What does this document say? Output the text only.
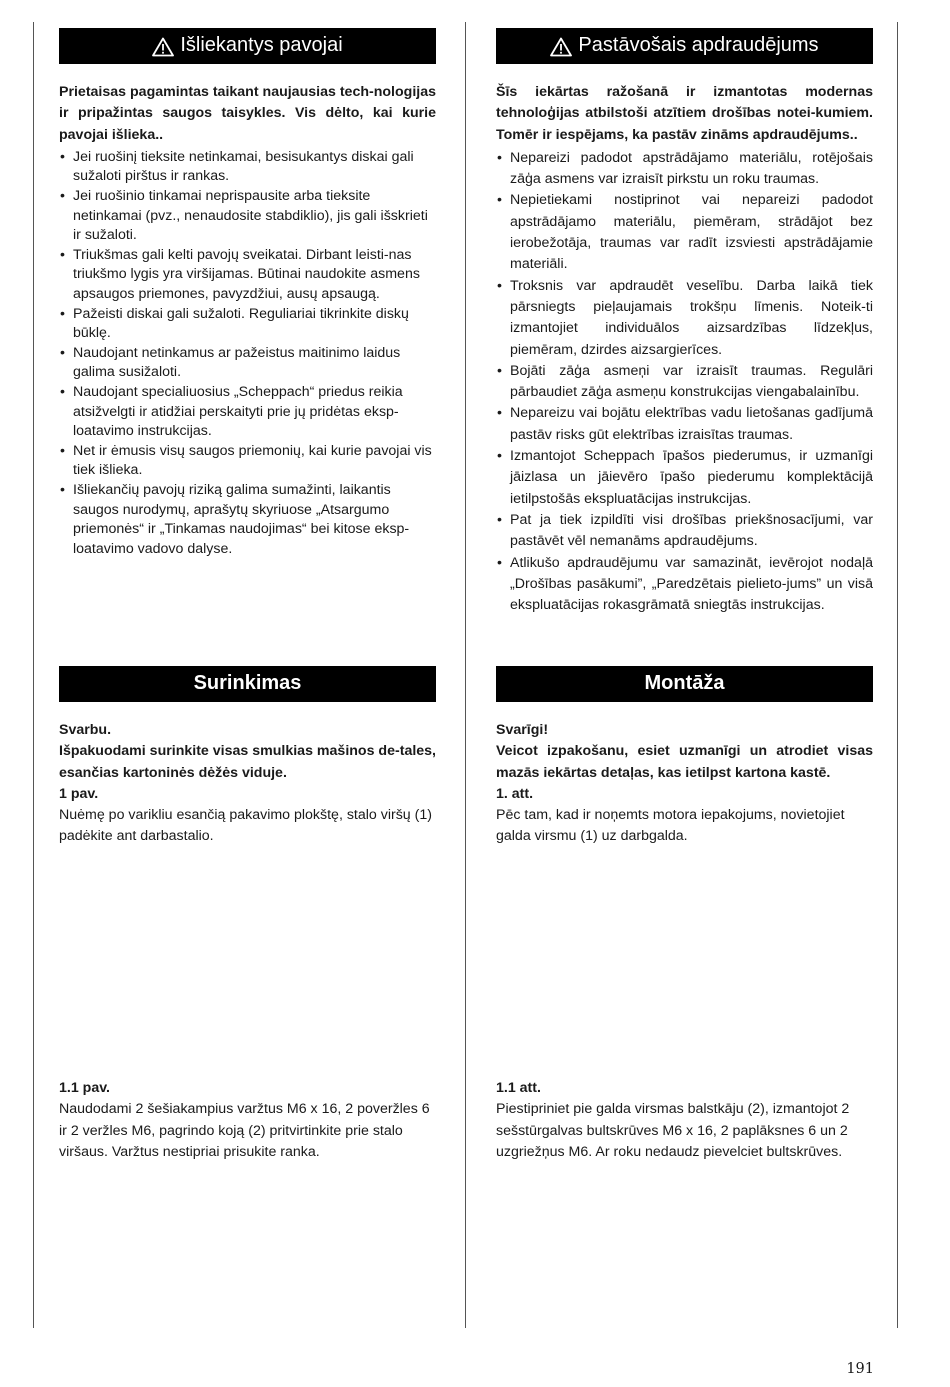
Išliekantys pavojai
Prietaisas pagamintas taikant naujausias tech-nologijas ir pripažintas saugos taisykles. Vis dėlto, kai kurie pavojai išlieka..
• Jei ruošinį tieksite netinkamai, besisukantys diskai gali sužaloti pirštus ir rankas.
• Jei ruošinio tinkamai neprispausite arba tieksite netinkamai (pvz., nenaudosite stabdiklio), jis gali išskrieti ir sužaloti.
• Triukšmas gali kelti pavojų sveikatai. Dirbant leisti-nas triukšmo lygis yra viršijamas. Būtinai naudokite asmens apsaugos priemones, pavyzdžiui, ausų apsaugą.
• Pažeisti diskai gali sužaloti. Reguliariai tikrinkite diskų būklę.
• Naudojant netinkamus ar pažeistus maitinimo laidus galima susižaloti.
• Naudojant specialiuosius „Scheppach“ priedus reikia atsižvelgti ir atidžiai perskaityti prie jų pridėtas eksp-loatavimo instrukcijas.
• Net ir ėmusis visų saugos priemonių, kai kurie pavojai vis tiek išlieka.
• Išliekančių pavojų riziką galima sumažinti, laikantis saugos nurodymų, aprašytų skyriuose „Atsargumo priemonės“ ir „Tinkamas naudojimas“ bei kitose eksp-loatavimo vadovo dalyse.
Surinkimas
Svarbu.
Išpakuodami surinkite visas smulkias mašinos de-tales, esančias kartoninės dėžės viduje.
1 pav.
Nuėmę po varikliu esančią pakavimo plokštę, stalo viršų (1) padėkite ant darbastalio.
1.1 pav.
Naudodami 2 šešiakampius varžtus M6 x 16, 2 poveržles 6 ir 2 veržles M6, pagrindo koją (2) pritvirtinkite prie stalo viršaus. Varžtus nestipriai prisukite ranka.
Pastāvošais apdraudējums
Šīs iekārtas ražošanā ir izmantotas modernas tehnoloģijas atbilstoši atzītiem drošības notei-kumiem. Tomēr ir iespējams, ka pastāv zināms apdraudējums..
• Nepareizi padodot apstrādājamo materiālu, rotējošais zāģa asmens var izraisīt pirkstu un roku traumas.
• Nepietiekami nostiprinot vai nepareizi padodot apstrādājamo materiālu, piemēram, strādājot bez ierobežotāja, traumas var radīt izsviesti apstrādājamie materiāli.
• Troksnis var apdraudēt veselību. Darba laikā tiek pārsniegts pieļaujamais trokšņu līmenis. Noteik-ti izmantojiet individuālos aizsardzības līdzekļus, piemēram, dzirdes aizsargierīces.
• Bojāti zāģa asmeņi var izraisīt traumas. Regulāri pārbaudiet zāģa asmeņu konstrukcijas viengabalainību.
• Nepareizu vai bojātu elektrības vadu lietošanas gadījumā pastāv risks gūt elektrības izraisītas traumas.
• Izmantojot Scheppach īpašos piederumus, ir uzmanīgi jāizlasa un jāievēro īpašo piederumu komplektācijā ietilpstošās ekspluatācijas instrukcijas.
• Pat ja tiek izpildīti visi drošības priekšnosacījumi, var pastāvēt vēl nemanāms apdraudējums.
• Atlikušo apdraudējumu var samazināt, ievērojot nodaļā „Drošības pasākumi”, „Paredzētais pielieto-jums” un visā ekspluatācijas rokasgrāmatā sniegtās instrukcijas.
Montāža
Svarīgi!
Veicot izpakošanu, esiet uzmanīgi un atrodiet visas mazās iekārtas detaļas, kas ietilpst kartona kastē.
1. att.
Pēc tam, kad ir noņemts motora iepakojums, novietojiet galda virsmu (1) uz darbgalda.
1.1 att.
Piestipriniet pie galda virsmas balstkāju (2), izmantojot 2 sešstūrgalvas bultskrūves M6 x 16, 2 paplāksnes 6 un 2 uzgriežņus M6. Ar roku nedaudz pievelciet bultskrūves.
191
